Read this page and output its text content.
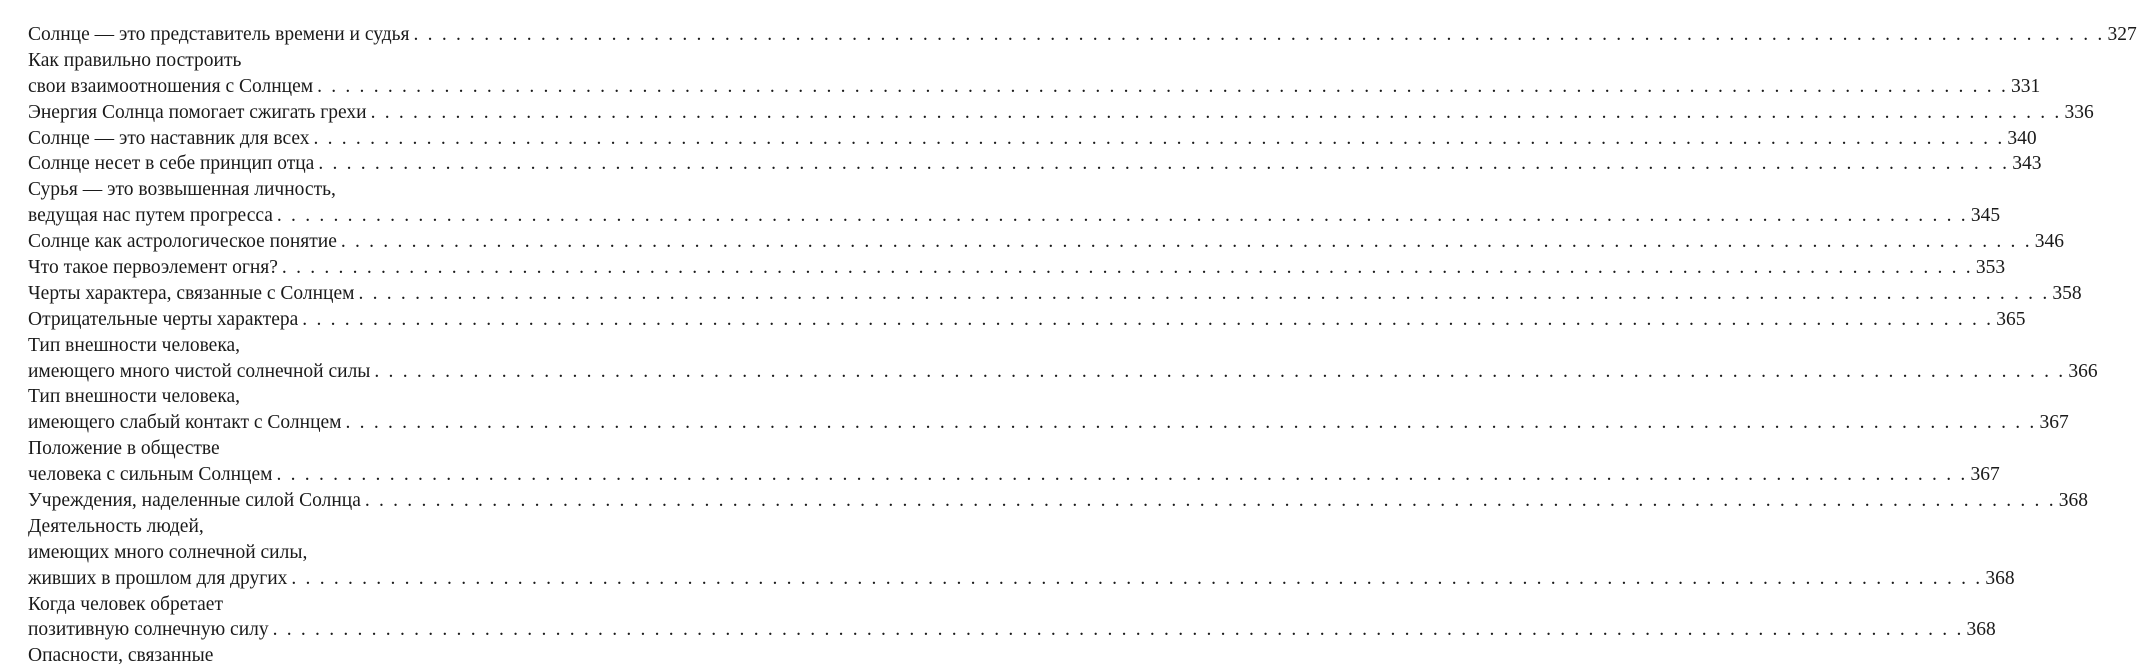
Солнце — это представитель времени и судья . . . . . . . . . . . . . . . . . . . . . . . . . . . . . . . . . . . . . . . . . . . . . . . . . . . . . . . . . . . . . . . . . . . . . . . . . . . . . . . . . . . . . . . . . . . . . . . . . . . . . . . . . . . . . . . . . . . . . . . . 327
Как правильно построить
свои взаимоотношения с Солнцем . . . . . . . . . . . . . . . . . . . . . . . . . . . . . . . . . . . . . . . . . . . . . . . . . . . . . . . . . . . . . . . . . . . . . . . . . . . . . . . . . . . . . . . . . . . . . . . . . . . . . . . . . . . . . . . . . . . . . . . . 331
Энергия Солнца помогает сжигать грехи . . . . . . . . . . . . . . . . . . . . . . . . . . . . . . . . . . . . . . . . . . . . . . . . . . . . . . . . . . . . . . . . . . . . . . . . . . . . . . . . . . . . . . . . . . . . . . . . . . . . . . . . . . . . . . . . . . . . . . . . 336
Солнце — это наставник для всех . . . . . . . . . . . . . . . . . . . . . . . . . . . . . . . . . . . . . . . . . . . . . . . . . . . . . . . . . . . . . . . . . . . . . . . . . . . . . . . . . . . . . . . . . . . . . . . . . . . . . . . . . . . . . . . . . . . . . . . . 340
Солнце несет в себе принцип отца . . . . . . . . . . . . . . . . . . . . . . . . . . . . . . . . . . . . . . . . . . . . . . . . . . . . . . . . . . . . . . . . . . . . . . . . . . . . . . . . . . . . . . . . . . . . . . . . . . . . . . . . . . . . . . . . . . . . . . . . 343
Сурья — это возвышенная личность,
ведущая нас путем прогресса . . . . . . . . . . . . . . . . . . . . . . . . . . . . . . . . . . . . . . . . . . . . . . . . . . . . . . . . . . . . . . . . . . . . . . . . . . . . . . . . . . . . . . . . . . . . . . . . . . . . . . . . . . . . . . . . . . . . . . . . 345
Солнце как астрологическое понятие . . . . . . . . . . . . . . . . . . . . . . . . . . . . . . . . . . . . . . . . . . . . . . . . . . . . . . . . . . . . . . . . . . . . . . . . . . . . . . . . . . . . . . . . . . . . . . . . . . . . . . . . . . . . . . . . . . . . . . . . 346
Что такое первоэлемент огня? . . . . . . . . . . . . . . . . . . . . . . . . . . . . . . . . . . . . . . . . . . . . . . . . . . . . . . . . . . . . . . . . . . . . . . . . . . . . . . . . . . . . . . . . . . . . . . . . . . . . . . . . . . . . . . . . . . . . . . . . 353
Черты характера, связанные с Солнцем . . . . . . . . . . . . . . . . . . . . . . . . . . . . . . . . . . . . . . . . . . . . . . . . . . . . . . . . . . . . . . . . . . . . . . . . . . . . . . . . . . . . . . . . . . . . . . . . . . . . . . . . . . . . . . . . . . . . . . . . 358
Отрицательные черты характера . . . . . . . . . . . . . . . . . . . . . . . . . . . . . . . . . . . . . . . . . . . . . . . . . . . . . . . . . . . . . . . . . . . . . . . . . . . . . . . . . . . . . . . . . . . . . . . . . . . . . . . . . . . . . . . . . . . . . . . . 365
Тип внешности человека,
имеющего много чистой солнечной силы . . . . . . . . . . . . . . . . . . . . . . . . . . . . . . . . . . . . . . . . . . . . . . . . . . . . . . . . . . . . . . . . . . . . . . . . . . . . . . . . . . . . . . . . . . . . . . . . . . . . . . . . . . . . . . . . . . . . . . . . 366
Тип внешности человека,
имеющего слабый контакт с Солнцем . . . . . . . . . . . . . . . . . . . . . . . . . . . . . . . . . . . . . . . . . . . . . . . . . . . . . . . . . . . . . . . . . . . . . . . . . . . . . . . . . . . . . . . . . . . . . . . . . . . . . . . . . . . . . . . . . . . . . . . . 367
Положение в обществе
человека с сильным Солнцем . . . . . . . . . . . . . . . . . . . . . . . . . . . . . . . . . . . . . . . . . . . . . . . . . . . . . . . . . . . . . . . . . . . . . . . . . . . . . . . . . . . . . . . . . . . . . . . . . . . . . . . . . . . . . . . . . . . . . . . . 367
Учреждения, наделенные силой Солнца . . . . . . . . . . . . . . . . . . . . . . . . . . . . . . . . . . . . . . . . . . . . . . . . . . . . . . . . . . . . . . . . . . . . . . . . . . . . . . . . . . . . . . . . . . . . . . . . . . . . . . . . . . . . . . . . . . . . . . . . 368
Деятельность людей,
имеющих много солнечной силы,
живших в прошлом для других . . . . . . . . . . . . . . . . . . . . . . . . . . . . . . . . . . . . . . . . . . . . . . . . . . . . . . . . . . . . . . . . . . . . . . . . . . . . . . . . . . . . . . . . . . . . . . . . . . . . . . . . . . . . . . . . . . . . . . . . 368
Когда человек обретает
позитивную солнечную силу . . . . . . . . . . . . . . . . . . . . . . . . . . . . . . . . . . . . . . . . . . . . . . . . . . . . . . . . . . . . . . . . . . . . . . . . . . . . . . . . . . . . . . . . . . . . . . . . . . . . . . . . . . . . . . . . . . . . . . . . 368
Опасности, связанные
